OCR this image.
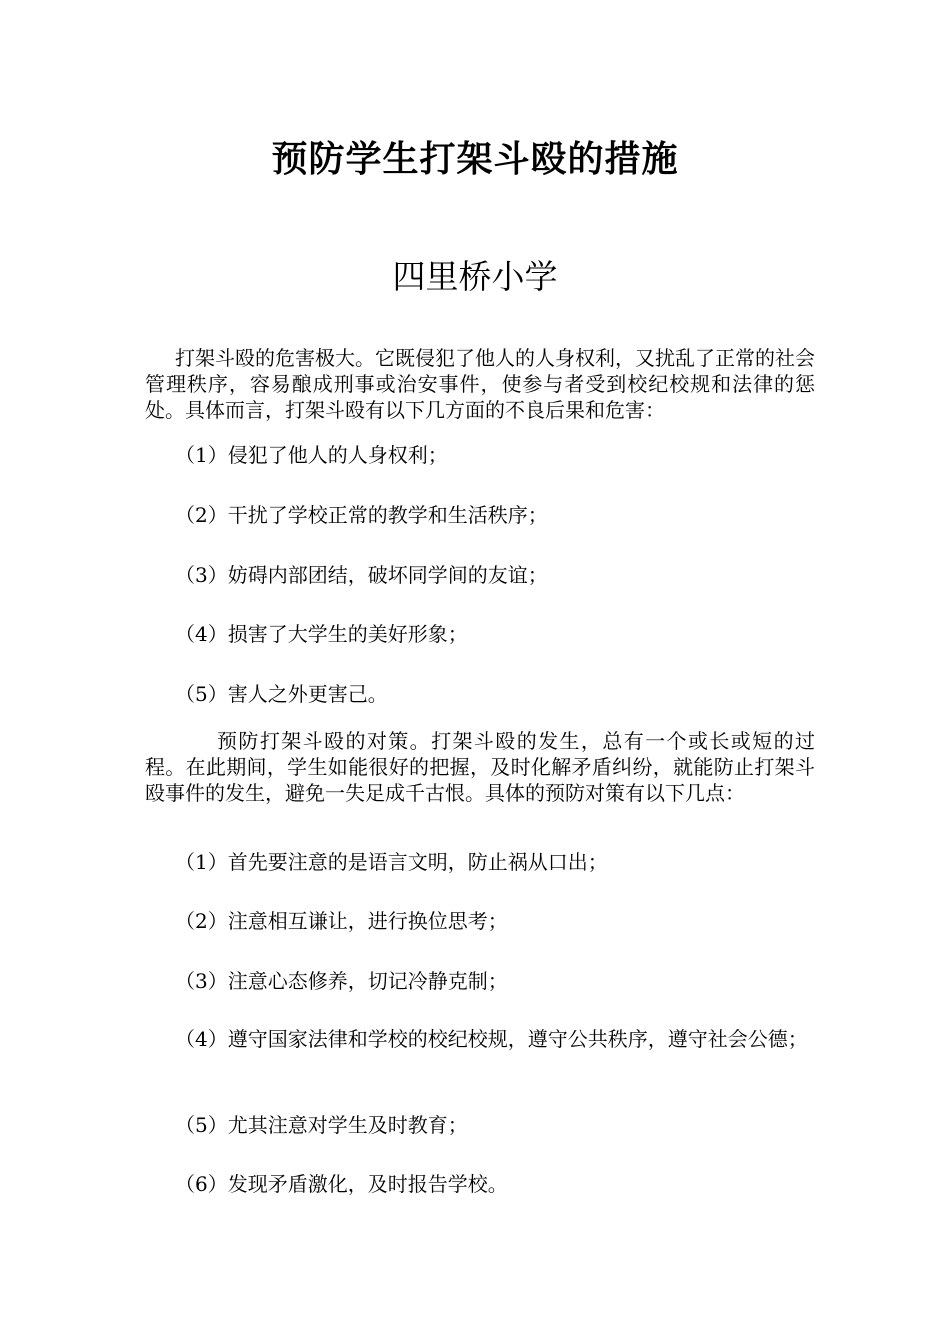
预防学生打架斗殴的措施
四里桥小学
打架斗殴的危害极大。它既侵犯了他人的人身权利，又扰乱了正常的社会管理秩序，容易酿成刑事或治安事件，使参与者受到校纪校规和法律的惩处。具体而言，打架斗殴有以下几方面的不良后果和危害：
（1）侵犯了他人的人身权利；
（2）干扰了学校正常的教学和生活秩序；
（3）妨碍内部团结，破坏同学间的友谊；
（4）损害了大学生的美好形象；
（5）害人之外更害己。
预防打架斗殴的对策。打架斗殴的发生，总有一个或长或短的过程。在此期间，学生如能很好的把握，及时化解矛盾纠纷，就能防止打架斗殴事件的发生，避免一失足成千古恨。具体的预防对策有以下几点：
（1）首先要注意的是语言文明，防止祸从口出；
（2）注意相互谦让，进行换位思考；
（3）注意心态修养，切记冷静克制；
（4）遵守国家法律和学校的校纪校规，遵守公共秩序，遵守社会公德；
（5）尤其注意对学生及时教育；
（6）发现矛盾激化，及时报告学校。
